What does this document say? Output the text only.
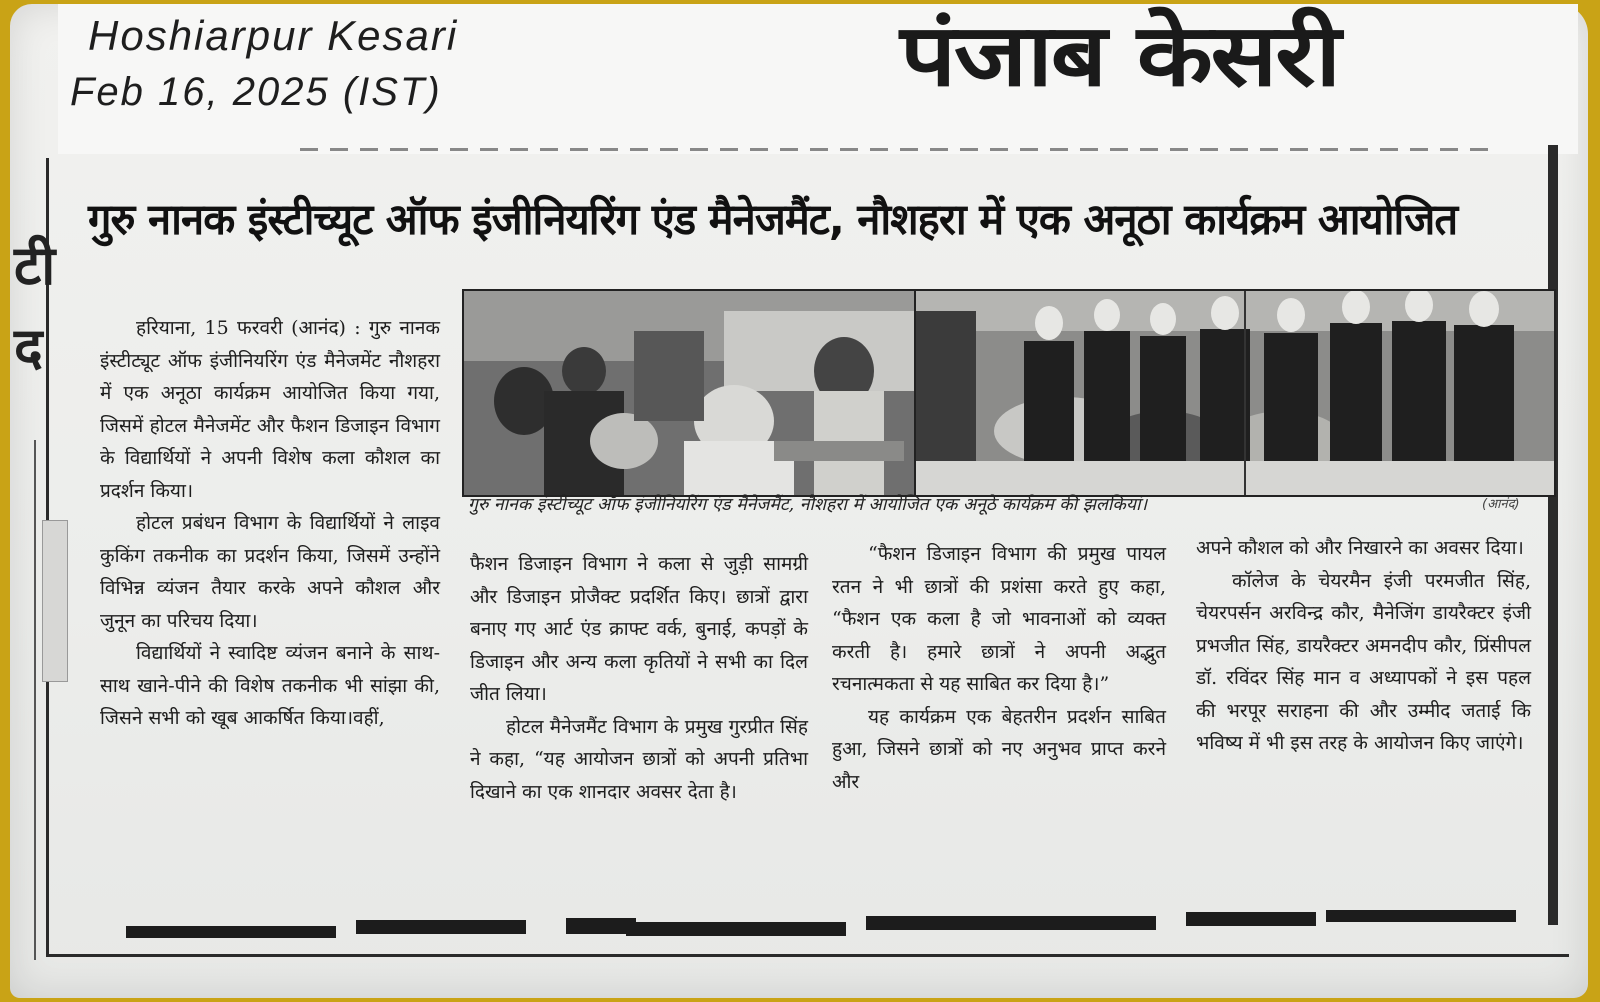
Hoshiarpur Kesari
Feb 16, 2025 (IST)	पंजाब केसरी
टी
द
गुरु नानक इंस्टीच्यूट ऑफ इंजीनियरिंग एंड मैनेजमैंट, नौशहरा में एक अनूठा कार्यक्रम आयोजित
गुरु नानक इंस्टीच्यूट ऑफ इंजीनियरिंग एंड मैनेजमैंट, नौशहरा में आयोजित एक अनूठे कार्यक्रम की झलकियां।	(आनंद)

हरियाना, 15 फरवरी (आनंद) : गुरु नानक इंस्टीट्यूट ऑफ इंजीनियरिंग एंड मैनेजमेंट नौशहरा में एक अनूठा कार्यक्रम आयोजित किया गया, जिसमें होटल मैनेजमेंट और फैशन डिजाइन विभाग के विद्यार्थियों ने अपनी विशेष कला कौशल का प्रदर्शन किया।

होटल प्रबंधन विभाग के विद्यार्थियों ने लाइव कुकिंग तकनीक का प्रदर्शन किया, जिसमें उन्होंने विभिन्न व्यंजन तैयार करके अपने कौशल और जुनून का परिचय दिया।

विद्यार्थियों ने स्वादिष्ट व्यंजन बनाने के साथ-साथ खाने-पीने की विशेष तकनीक भी सांझा की, जिसने सभी को खूब आकर्षित किया।वहीं,

फैशन डिजाइन विभाग ने कला से जुड़ी सामग्री और डिजाइन प्रोजैक्ट प्रदर्शित किए। छात्रों द्वारा बनाए गए आर्ट एंड क्राफ्ट वर्क, बुनाई, कपड़ों के डिजाइन और अन्य कला कृतियों ने सभी का दिल जीत लिया।

होटल मैनेजमैंट विभाग के प्रमुख गुरप्रीत सिंह ने कहा, “यह आयोजन छात्रों को अपनी प्रतिभा दिखाने का एक शानदार अवसर देता है।

“फैशन डिजाइन विभाग की प्रमुख पायल रतन ने भी छात्रों की प्रशंसा करते हुए कहा, “फैशन एक कला है जो भावनाओं को व्यक्त करती है। हमारे छात्रों ने अपनी अद्भुत रचनात्मकता से यह साबित कर दिया है।”

यह कार्यक्रम एक बेहतरीन प्रदर्शन साबित हुआ, जिसने छात्रों को नए अनुभव प्राप्त करने और

अपने कौशल को और निखारने का अवसर दिया।

कॉलेज के चेयरमैन इंजी परमजीत सिंह, चेयरपर्सन अरविन्द्र कौर, मैनेजिंग डायरैक्टर इंजी प्रभजीत सिंह, डायरैक्टर अमनदीप कौर, प्रिंसीपल डॉ. रविंदर सिंह मान व अध्यापकों ने इस पहल की भरपूर सराहना की और उम्मीद जताई कि भविष्य में भी इस तरह के आयोजन किए जाएंगे।
